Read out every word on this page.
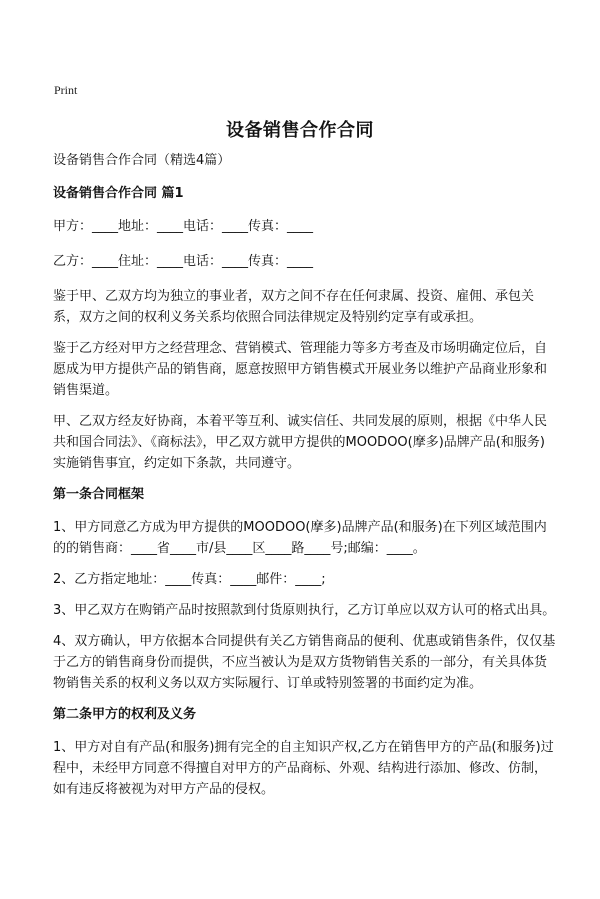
Print
设备销售合作合同

设备销售合作合同（精选4篇）

设备销售合作合同 篇1

甲方：____地址：____电话：____传真：____

乙方：____住址：____电话：____传真：____

鉴于甲、乙双方均为独立的事业者，双方之间不存在任何隶属、投资、雇佣、承包关系，双方之间的权利义务关系均依照合同法律规定及特别约定享有或承担。

鉴于乙方经对甲方之经营理念、营销模式、管理能力等多方考查及市场明确定位后，自愿成为甲方提供产品的销售商，愿意按照甲方销售模式开展业务以维护产品商业形象和销售渠道。

甲、乙双方经友好协商，本着平等互利、诚实信任、共同发展的原则，根据《中华人民共和国合同法》、《商标法》，甲乙双方就甲方提供的MOODOO(摩多)品牌产品(和服务)实施销售事宜，约定如下条款，共同遵守。

第一条合同框架

1、甲方同意乙方成为甲方提供的MOODOO(摩多)品牌产品(和服务)在下列区域范围内的的销售商：____省____市/县____区____路____号;邮编：____。

2、乙方指定地址：____传真：____邮件：____;

3、甲乙双方在购销产品时按照款到付货原则执行，乙方订单应以双方认可的格式出具。

4、双方确认，甲方依据本合同提供有关乙方销售商品的便利、优惠或销售条件，仅仅基于乙方的销售商身份而提供，不应当被认为是双方货物销售关系的一部分，有关具体货物销售关系的权利义务以双方实际履行、订单或特别签署的书面约定为准。

第二条甲方的权利及义务

1、甲方对自有产品(和服务)拥有完全的自主知识产权,乙方在销售甲方的产品(和服务)过程中，未经甲方同意不得擅自对甲方的产品商标、外观、结构进行添加、修改、仿制，如有违反将被视为对甲方产品的侵权。
